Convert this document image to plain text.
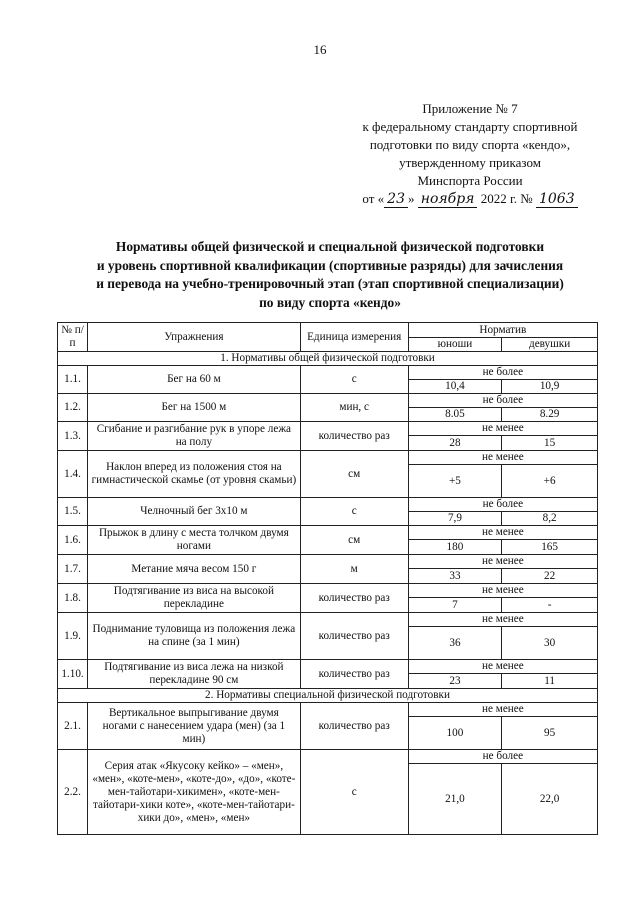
16
Приложение № 7
к федеральному стандарту спортивной
подготовки по виду спорта «кендо»,
утвержденному приказом
Минспорта России
от « 23 » ноября 2022 г. № 1063
Нормативы общей физической и специальной физической подготовки
и уровень спортивной квалификации (спортивные разряды) для зачисления
и перевода на учебно-тренировочный этап (этап спортивной специализации)
по виду спорта «кендо»
№ п/п	Упражнения	Единица измерения	Норматив	
			юноши	девушки
1. Нормативы общей физической подготовки				
1.1.	Бег на 60 м	с	не более	
			10,4	10,9
1.2.	Бег на 1500 м	мин, с	не более	
			8.05	8.29
1.3.	Сгибание и разгибание рук в упоре лежа на полу	количество раз	не менее	
			28	15
1.4.	Наклон вперед из положения стоя на гимнастической скамье (от уровня скамьи)	см	не менее	
			+5	+6
1.5.	Челночный бег 3х10 м	с	не более	
			7,9	8,2
1.6.	Прыжок в длину с места толчком двумя ногами	см	не менее	
			180	165
1.7.	Метание мяча весом 150 г	м	не менее	
			33	22
1.8.	Подтягивание из виса на высокой перекладине	количество раз	не менее	
			7	-
1.9.	Поднимание туловища из положения лежа на спине (за 1 мин)	количество раз	не менее	
			36	30
1.10.	Подтягивание из виса лежа на низкой перекладине 90 см	количество раз	не менее	
			23	11
2. Нормативы специальной физической подготовки				
2.1.	Вертикальное выпрыгивание двумя ногами с нанесением удара (мен) (за 1 мин)	количество раз	не менее	
			100	95
2.2.	Серия атак «Якусоку кейко» – «мен», «мен», «коте-мен», «коте-до», «до», «коте-мен-тайотари-хикимен», «коте-мен-тайотари-хики коте», «коте-мен-тайотари- хики до», «мен», «мен»	с	не более	
			21,0	22,0
